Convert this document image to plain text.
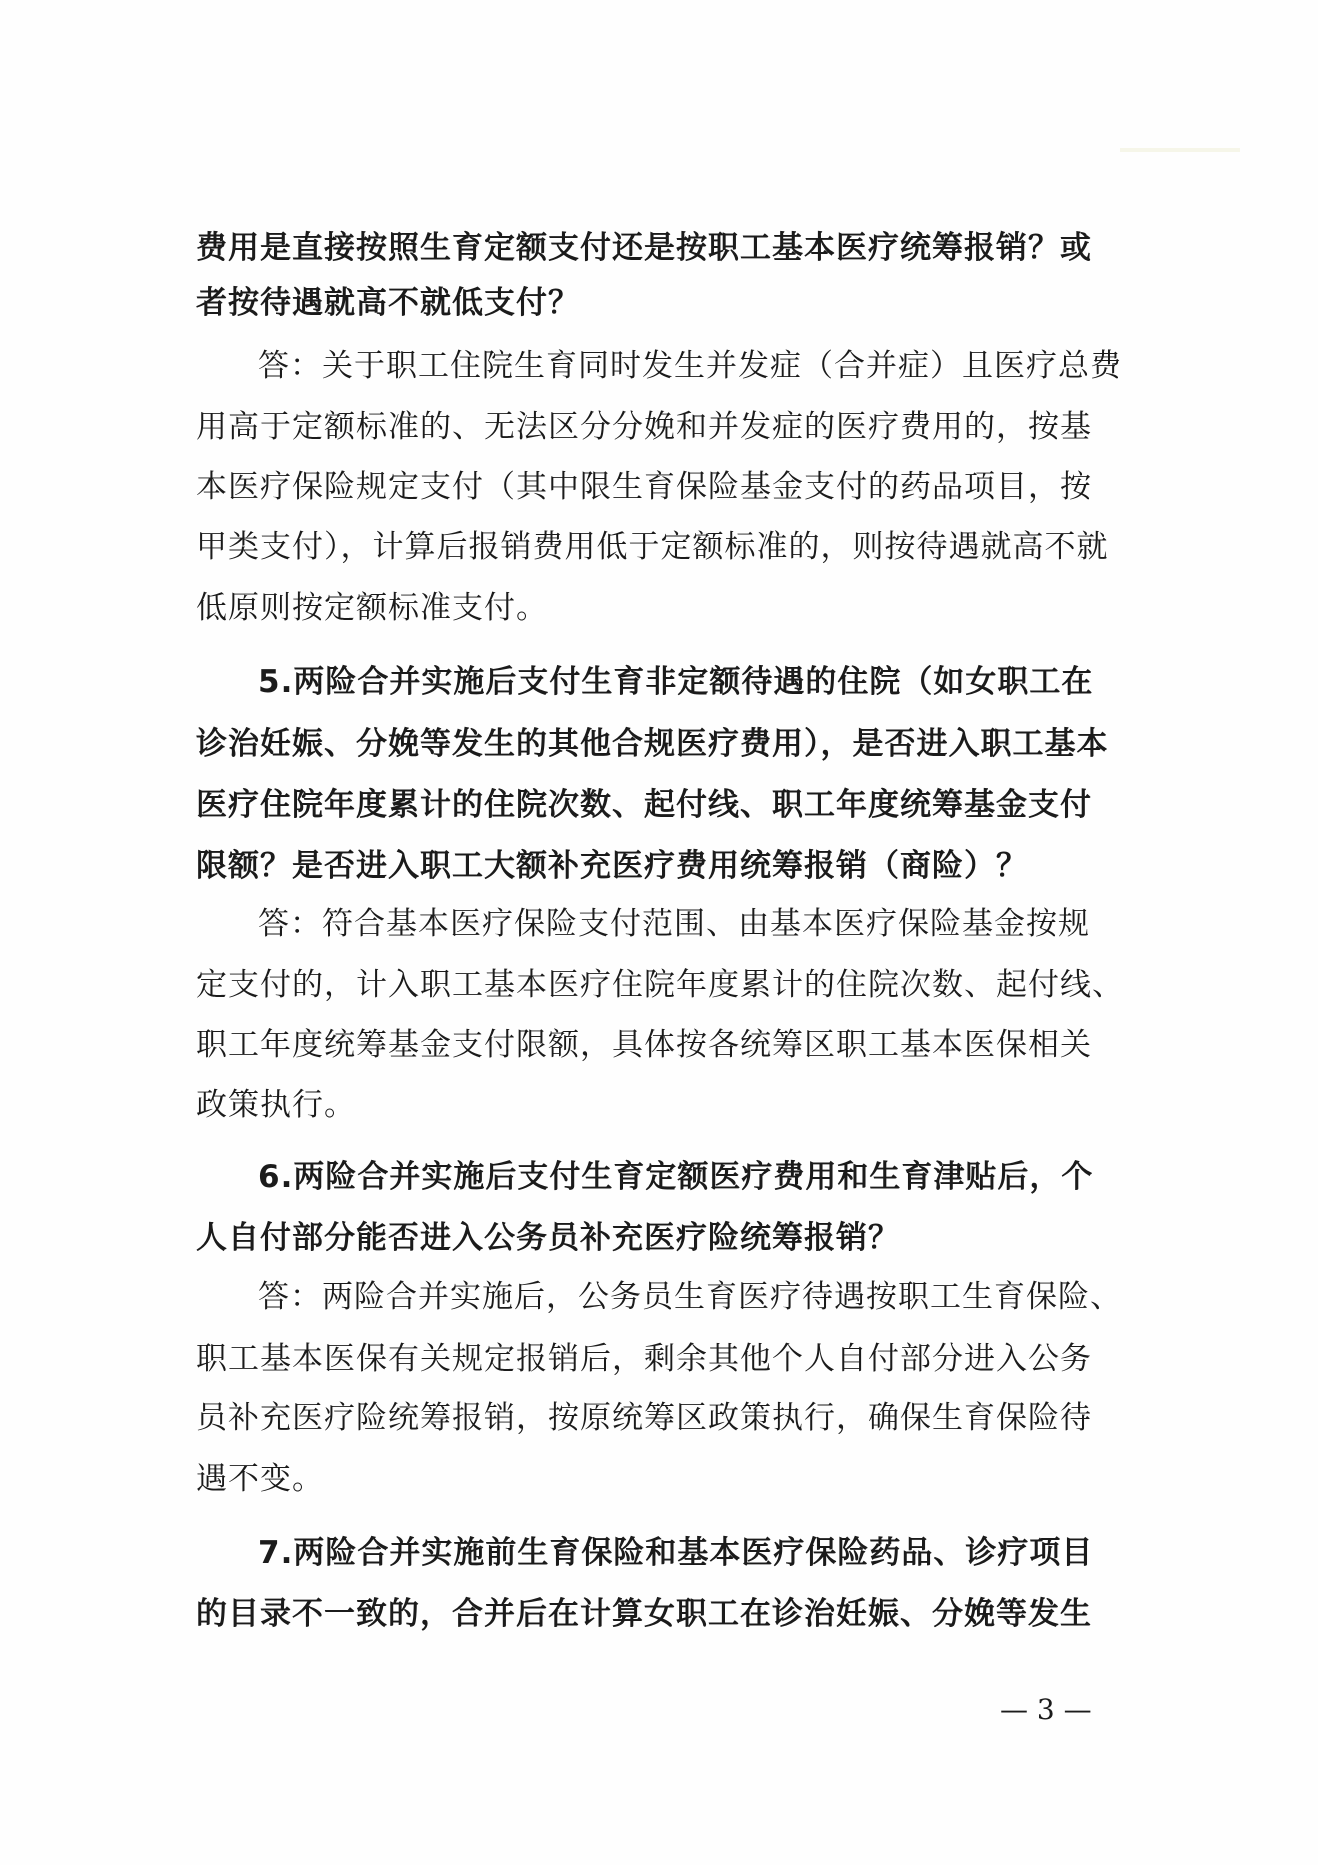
费用是直接按照生育定额支付还是按职工基本医疗统筹报销？或
者按待遇就高不就低支付？
答：关于职工住院生育同时发生并发症（合并症）且医疗总费
用高于定额标准的、无法区分分娩和并发症的医疗费用的，按基
本医疗保险规定支付（其中限生育保险基金支付的药品项目，按
甲类支付），计算后报销费用低于定额标准的，则按待遇就高不就
低原则按定额标准支付。
5.两险合并实施后支付生育非定额待遇的住院（如女职工在
诊治妊娠、分娩等发生的其他合规医疗费用），是否进入职工基本
医疗住院年度累计的住院次数、起付线、职工年度统筹基金支付
限额？是否进入职工大额补充医疗费用统筹报销（商险）？
答：符合基本医疗保险支付范围、由基本医疗保险基金按规
定支付的，计入职工基本医疗住院年度累计的住院次数、起付线、
职工年度统筹基金支付限额，具体按各统筹区职工基本医保相关
政策执行。
6.两险合并实施后支付生育定额医疗费用和生育津贴后，个
人自付部分能否进入公务员补充医疗险统筹报销？
答：两险合并实施后，公务员生育医疗待遇按职工生育保险、
职工基本医保有关规定报销后，剩余其他个人自付部分进入公务
员补充医疗险统筹报销，按原统筹区政策执行，确保生育保险待
遇不变。
7.两险合并实施前生育保险和基本医疗保险药品、诊疗项目
的目录不一致的，合并后在计算女职工在诊治妊娠、分娩等发生
— 3 —
